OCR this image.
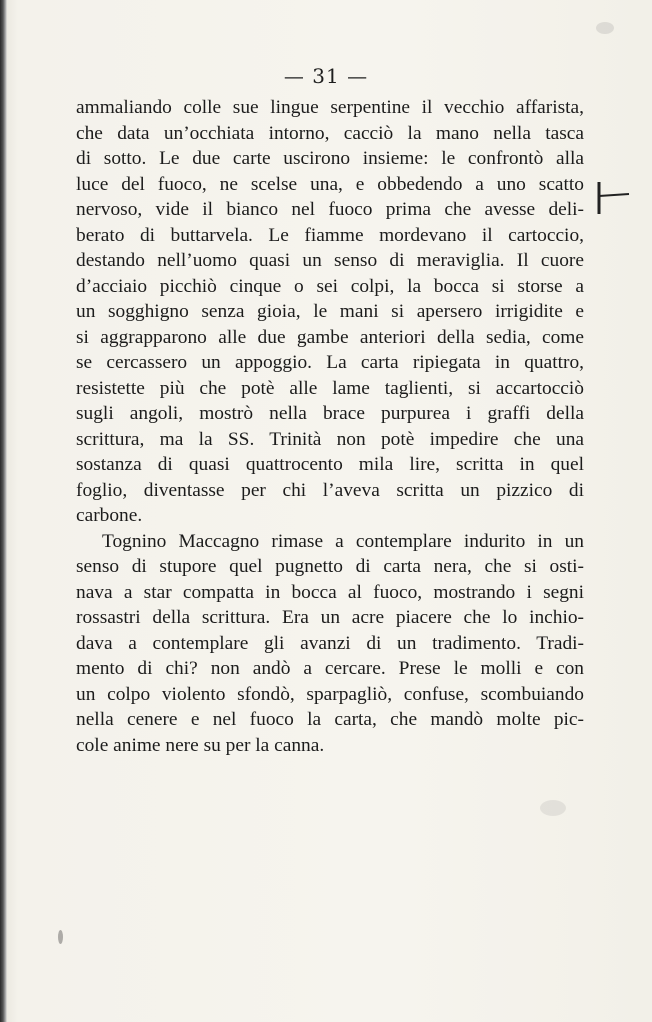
— 31 —
ammaliando colle sue lingue serpentine il vecchio affarista,
che data un’occhiata intorno, cacciò la mano nella tasca
di sotto. Le due carte uscirono insieme: le confrontò alla
luce del fuoco, ne scelse una, e obbedendo a uno scatto
nervoso, vide il bianco nel fuoco prima che avesse deli-
berato di buttarvela. Le fiamme mordevano il cartoccio,
destando nell’uomo quasi un senso di meraviglia. Il cuore
d’acciaio picchiò cinque o sei colpi, la bocca si storse a
un sogghigno senza gioia, le mani si apersero irrigidite e
si aggrapparono alle due gambe anteriori della sedia, come
se cercassero un appoggio. La carta ripiegata in quattro,
resistette più che potè alle lame taglienti, si accartocciò
sugli angoli, mostrò nella brace purpurea i graffi della
scrittura, ma la SS. Trinità non potè impedire che una
sostanza di quasi quattrocento mila lire, scritta in quel
foglio, diventasse per chi l’aveva scritta un pizzico di
carbone.
Tognino Maccagno rimase a contemplare indurito in un
senso di stupore quel pugnetto di carta nera, che si osti-
nava a star compatta in bocca al fuoco, mostrando i segni
rossastri della scrittura. Era un acre piacere che lo inchio-
dava a contemplare gli avanzi di un tradimento. Tradi-
mento di chi? non andò a cercare. Prese le molli e con
un colpo violento sfondò, sparpagliò, confuse, scombuiando
nella cenere e nel fuoco la carta, che mandò molte pic-
cole anime nere su per la canna.
